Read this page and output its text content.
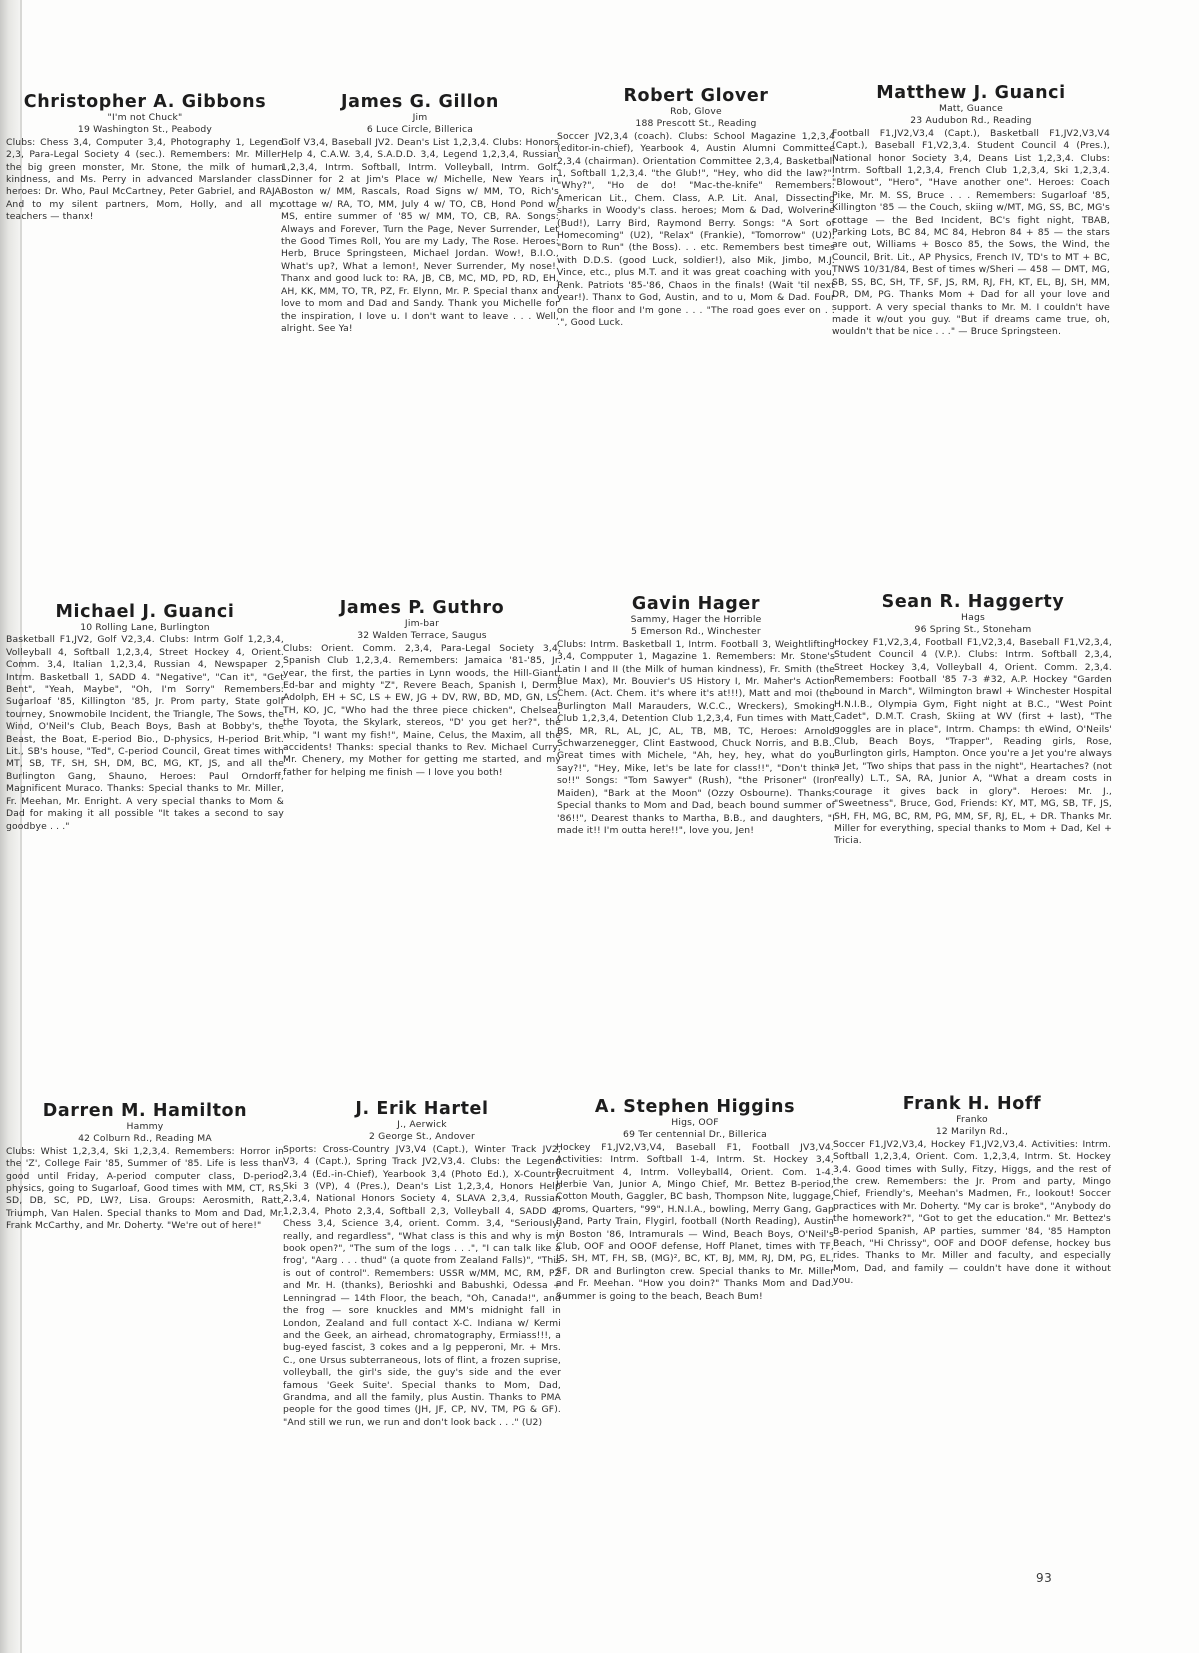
Christopher A. Gibbons
"I'm not Chuck"
19 Washington St., Peabody
Clubs: Chess 3,4, Computer 3,4, Photography 1, Legend 2,3, Para-Legal Society 4 (sec.). Remembers: Mr. Miller, the big green monster, Mr. Stone, the milk of human kindness, and Ms. Perry in advanced Marslander class. heroes: Dr. Who, Paul McCartney, Peter Gabriel, and RAJA. And to my silent partners, Mom, Holly, and all my teachers — thanx!
James G. Gillon
Jim
6 Luce Circle, Billerica
Golf V3,4, Baseball JV2. Dean's List 1,2,3,4. Clubs: Honors Help 4, C.A.W. 3,4, S.A.D.D. 3,4, Legend 1,2,3,4, Russian 1,2,3,4, Intrm. Softball, Intrm. Volleyball, Intrm. Golf. Dinner for 2 at Jim's Place w/ Michelle, New Years in Boston w/ MM, Rascals, Road Signs w/ MM, TO, Rich's cottage w/ RA, TO, MM, July 4 w/ TO, CB, Hond Pond w/ MS, entire summer of '85 w/ MM, TO, CB, RA. Songs: Always and Forever, Turn the Page, Never Surrender, Let the Good Times Roll, You are my Lady, The Rose. Heroes: Herb, Bruce Springsteen, Michael Jordan. Wow!, B.I.O., What's up?, What a lemon!, Never Surrender, My nose!. Thanx and good luck to: RA, JB, CB, MC, MD, PD, RD, EH, AH, KK, MM, TO, TR, PZ, Fr. Elynn, Mr. P. Special thanx and love to mom and Dad and Sandy. Thank you Michelle for the inspiration, I love u. I don't want to leave . . . Well, alright. See Ya!
Robert Glover
Rob, Glove
188 Prescott St., Reading
Soccer JV2,3,4 (coach). Clubs: School Magazine 1,2,3,4 (editor-in-chief), Yearbook 4, Austin Alumni Committee 2,3,4 (chairman). Orientation Committee 2,3,4, Basketball 1, Softball 1,2,3,4. "the Glub!", "Hey, who did the law?", "Why?", "Ho de do! "Mac-the-knife" Remembers: American Lit., Chem. Class, A.P. Lit. Anal, Dissecting sharks in Woody's class. heroes; Mom & Dad, Wolverine (Bud!), Larry Bird, Raymond Berry. Songs: "A Sort of Homecoming" (U2), "Relax" (Frankie), "Tomorrow" (U2), "Born to Run" (the Boss). . . etc. Remembers best times with D.D.S. (good Luck, soldier!), also Mik, Jimbo, M.J. Vince, etc., plus M.T. and it was great coaching with you, Renk. Patriots '85-'86, Chaos in the finals! (Wait 'til next year!). Thanx to God, Austin, and to u, Mom & Dad. Four on the floor and I'm gone . . . "The road goes ever on . . .", Good Luck.
Matthew J. Guanci
Matt, Guance
23 Audubon Rd., Reading
Football F1,JV2,V3,4 (Capt.), Basketball F1,JV2,V3,V4 (Capt.), Baseball F1,V2,3,4. Student Council 4 (Pres.), National honor Society 3,4, Deans List 1,2,3,4. Clubs: Intrm. Softball 1,2,3,4, French Club 1,2,3,4, Ski 1,2,3,4. "Blowout", "Hero", "Have another one". Heroes: Coach Pike, Mr. M. SS, Bruce . . . Remembers: Sugarloaf '85, Killington '85 — the Couch, skiing w/MT, MG, SS, BC, MG's cottage — the Bed Incident, BC's fight night, TBAB, Parking Lots, BC 84, MC 84, Hebron 84 + 85 — the stars are out, Williams + Bosco 85, the Sows, the Wind, the Council, Brit. Lit., AP Physics, French IV, TD's to MT + BC, TNWS 10/31/84, Best of times w/Sheri — 458 — DMT, MG, SB, SS, BC, SH, TF, SF, JS, RM, RJ, FH, KT, EL, BJ, SH, MM, DR, DM, PG. Thanks Mom + Dad for all your love and support. A very special thanks to Mr. M. I couldn't have made it w/out you guy. "But if dreams came true, oh, wouldn't that be nice . . ." — Bruce Springsteen.
Michael J. Guanci
10 Rolling Lane, Burlington
Basketball F1,JV2, Golf V2,3,4. Clubs: Intrm Golf 1,2,3,4, Volleyball 4, Softball 1,2,3,4, Street Hockey 4, Orient. Comm. 3,4, Italian 1,2,3,4, Russian 4, Newspaper 2, Intrm. Basketball 1, SADD 4. "Negative", "Can it", "Get Bent", "Yeah, Maybe", "Oh, I'm Sorry" Remembers: Sugarloaf '85, Killington '85, Jr. Prom party, State golf tourney, Snowmobile Incident, the Triangle, The Sows, the Wind, O'Neil's Club, Beach Boys, Bash at Bobby's, the Beast, the Boat, E-period Bio., D-physics, H-period Brit. Lit., SB's house, "Ted", C-period Council, Great times with MT, SB, TF, SH, SH, DM, BC, MG, KT, JS, and all the Burlington Gang, Shauno, Heroes: Paul Orndorff, Magnificent Muraco. Thanks: Special thanks to Mr. Miller, Fr. Meehan, Mr. Enright. A very special thanks to Mom & Dad for making it all possible "It takes a second to say goodbye . . ."
James P. Guthro
Jim-bar
32 Walden Terrace, Saugus
Clubs: Orient. Comm. 2,3,4, Para-Legal Society 3,4, Spanish Club 1,2,3,4. Remembers: Jamaica '81-'85, Jr. year, the first, the parties in Lynn woods, the Hill-Giant, Ed-bar and mighty "Z", Revere Beach, Spanish I, Derm, Adolph, EH + SC, LS + EW, JG + DV, RW, BD, MD, GN, LS, TH, KO, JC, "Who had the three piece chicken", Chelsea, the Toyota, the Skylark, stereos, "D' you get her?", the whip, "I want my fish!", Maine, Celus, the Maxim, all the accidents! Thanks: special thanks to Rev. Michael Curry, Mr. Chenery, my Mother for getting me started, and my father for helping me finish — I love you both!
Gavin Hager
Sammy, Hager the Horrible
5 Emerson Rd., Winchester
Clubs: Intrm. Basketball 1, Intrm. Football 3, Weightlifting 3,4, Compputer 1, Magazine 1. Remembers: Mr. Stone's Latin I and II (the Milk of human kindness), Fr. Smith (the Blue Max), Mr. Bouvier's US History I, Mr. Maher's Action Chem. (Act. Chem. it's where it's at!!!), Matt and moi (the Burlington Mall Marauders, W.C.C., Wreckers), Smoking Club 1,2,3,4, Detention Club 1,2,3,4, Fun times with Matt, BS, MR, RL, AL, JC, AL, TB, MB, TC, Heroes: Arnold Schwarzenegger, Clint Eastwood, Chuck Norris, and B.B.. Great times with Michele, "Ah, hey, hey, what do you say?!", "Hey, Mike, let's be late for class!!", "Don't think so!!" Songs: "Tom Sawyer" (Rush), "the Prisoner" (Iron Maiden), "Bark at the Moon" (Ozzy Osbourne). Thanks: Special thanks to Mom and Dad, beach bound summer of '86!!", Dearest thanks to Martha, B.B., and daughters, "I made it!! I'm outta here!!", love you, Jen!
Sean R. Haggerty
Hags
96 Spring St., Stoneham
Hockey F1,V2,3,4, Football F1,V2,3,4, Baseball F1,V2,3,4, Student Council 4 (V.P.). Clubs: Intrm. Softball 2,3,4, Street Hockey 3,4, Volleyball 4, Orient. Comm. 2,3,4. Remembers: Football '85 7-3 #32, A.P. Hockey "Garden bound in March", Wilmington brawl + Winchester Hospital H.N.I.B., Olympia Gym, Fight night at B.C., "West Point Cadet", D.M.T. Crash, Skiing at WV (first + last), "The goggles are in place", Intrm. Champs: th eWind, O'Neils' Club, Beach Boys, "Trapper", Reading girls, Rose, Burlington girls, Hampton. Once you're a Jet you're always a Jet, "Two ships that pass in the night", Heartaches? (not really) L.T., SA, RA, Junior A, "What a dream costs in courage it gives back in glory". Heroes: Mr. J., "Sweetness", Bruce, God, Friends: KY, MT, MG, SB, TF, JS, SH, FH, MG, BC, RM, PG, MM, SF, RJ, EL, + DR. Thanks Mr. Miller for everything, special thanks to Mom + Dad, Kel + Tricia.
Darren M. Hamilton
Hammy
42 Colburn Rd., Reading MA
Clubs: Whist 1,2,3,4, Ski 1,2,3,4. Remembers: Horror in the 'Z', College Fair '85, Summer of '85. Life is less than good until Friday, A-period computer class, D-period physics, going to Sugarloaf, Good times with MM, CT, RS, SD, DB, SC, PD, LW?, Lisa. Groups: Aerosmith, Ratt, Triumph, Van Halen. Special thanks to Mom and Dad, Mr. Frank McCarthy, and Mr. Doherty. "We're out of here!"
J. Erik Hartel
J., Aerwick
2 George St., Andover
Sports: Cross-Country JV3,V4 (Capt.), Winter Track JV2, V3, 4 (Capt.), Spring Track JV2,V3,4. Clubs: the Legend 2,3,4 (Ed.-in-Chief), Yearbook 3,4 (Photo Ed.), X-Country Ski 3 (VP), 4 (Pres.), Dean's List 1,2,3,4, Honors Help 2,3,4, National Honors Society 4, SLAVA 2,3,4, Russian 1,2,3,4, Photo 2,3,4, Softball 2,3, Volleyball 4, SADD 4, Chess 3,4, Science 3,4, orient. Comm. 3,4, "Seriously, really, and regardless", "What class is this and why is my book open?", "The sum of the logs . . .", "I can talk like a frog', "Aarg . . . thud" (a quote from Zealand Falls)", "This is out of control". Remembers: USSR w/MM, MC, RM, PZ and Mr. H. (thanks), Berioshki and Babushki, Odessa + Lenningrad — 14th Floor, the beach, "Oh, Canada!", and the frog — sore knuckles and MM's midnight fall in London, Zealand and full contact X-C. Indiana w/ Kermi and the Geek, an airhead, chromatography, Ermiass!!!, a bug-eyed fascist, 3 cokes and a lg pepperoni, Mr. + Mrs. C., one Ursus subterraneous, lots of flint, a frozen suprise, volleyball, the girl's side, the guy's side and the ever famous 'Geek Suite'. Special thanks to Mom, Dad, Grandma, and all the family, plus Austin. Thanks to PMA people for the good times (JH, JF, CP, NV, TM, PG & GF). "And still we run, we run and don't look back . . ." (U2)
A. Stephen Higgins
Higs, OOF
69 Ter centennial Dr., Billerica
Hockey F1,JV2,V3,V4, Baseball F1, Football JV3,V4. Activities: Intrm. Softball 1-4, Intrm. St. Hockey 3,4, Recruitment 4, Intrm. Volleyball4, Orient. Com. 1-4. Herbie Van, Junior A, Mingo Chief, Mr. Bettez B-period, Cotton Mouth, Gaggler, BC bash, Thompson Nite, luggage, proms, Quarters, "99", H.N.I.A., bowling, Merry Gang, Gap Band, Party Train, Flygirl, football (North Reading), Austin in Boston '86, Intramurals — Wind, Beach Boys, O'Neil's Club, OOF and OOOF defense, Hoff Planet, times with TF, JS, SH, MT, FH, SB, (MG)², BC, KT, BJ, MM, RJ, DM, PG, EL, SF, DR and Burlington crew. Special thanks to Mr. Miller and Fr. Meehan. "How you doin?" Thanks Mom and Dad. Summer is going to the beach, Beach Bum!
Frank H. Hoff
Franko
12 Marilyn Rd.,
Soccer F1,JV2,V3,4, Hockey F1,JV2,V3,4. Activities: Intrm. Softball 1,2,3,4, Orient. Com. 1,2,3,4, Intrm. St. Hockey 3,4. Good times with Sully, Fitzy, Higgs, and the rest of the crew. Remembers: the Jr. Prom and party, Mingo Chief, Friendly's, Meehan's Madmen, Fr., lookout! Soccer practices with Mr. Doherty. "My car is broke", "Anybody do the homework?", "Got to get the education." Mr. Bettez's B-period Spanish, AP parties, summer '84, '85 Hampton Beach, "Hi Chrissy", OOF and DOOF defense, hockey bus rides. Thanks to Mr. Miller and faculty, and especially Mom, Dad, and family — couldn't have done it without you.
93
